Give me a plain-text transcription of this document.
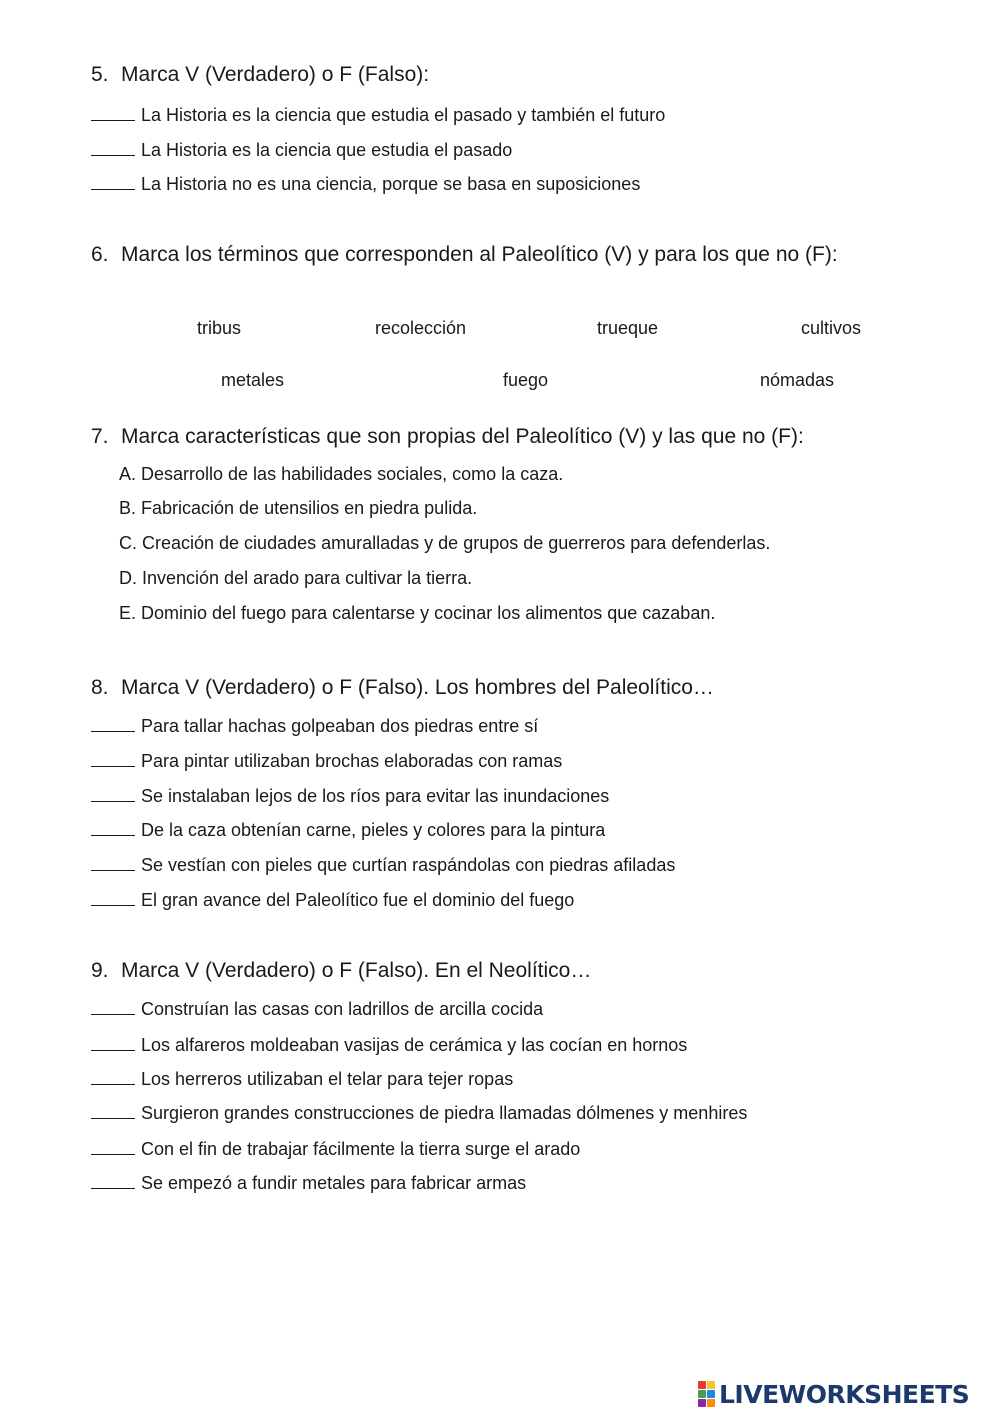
5. Marca V (Verdadero) o F (Falso):
La Historia es la ciencia que estudia el pasado y también el futuro
La Historia es la ciencia que estudia el pasado
La Historia no es una ciencia, porque se basa en suposiciones
6. Marca los términos que corresponden al Paleolítico (V) y para los que no (F):
tribus	recolección	trueque	cultivos
metales	fuego	nómadas
7. Marca características que son propias del Paleolítico (V) y las que no (F):
A. Desarrollo de las habilidades sociales, como la caza.
B. Fabricación de utensilios en piedra pulida.
C. Creación de ciudades amuralladas y de grupos de guerreros para defenderlas.
D. Invención del arado para cultivar la tierra.
E. Dominio del fuego para calentarse y cocinar los alimentos que cazaban.
8. Marca V (Verdadero) o F (Falso). Los hombres del Paleolítico…
Para tallar hachas golpeaban dos piedras entre sí
Para pintar utilizaban brochas elaboradas con ramas
Se instalaban lejos de los ríos para evitar las inundaciones
De la caza obtenían carne, pieles y colores para la pintura
Se vestían con pieles que curtían raspándolas con piedras afiladas
El gran avance del Paleolítico fue el dominio del fuego
9. Marca V (Verdadero) o F (Falso). En el Neolítico…
Construían las casas con ladrillos de arcilla cocida
Los alfareros moldeaban vasijas de cerámica y las cocían en hornos
Los herreros utilizaban el telar para tejer ropas
Surgieron grandes construcciones de piedra llamadas dólmenes y menhires
Con el fin de trabajar fácilmente la tierra surge el arado
Se empezó a fundir metales para fabricar armas
LIVEWORKSHEETS
